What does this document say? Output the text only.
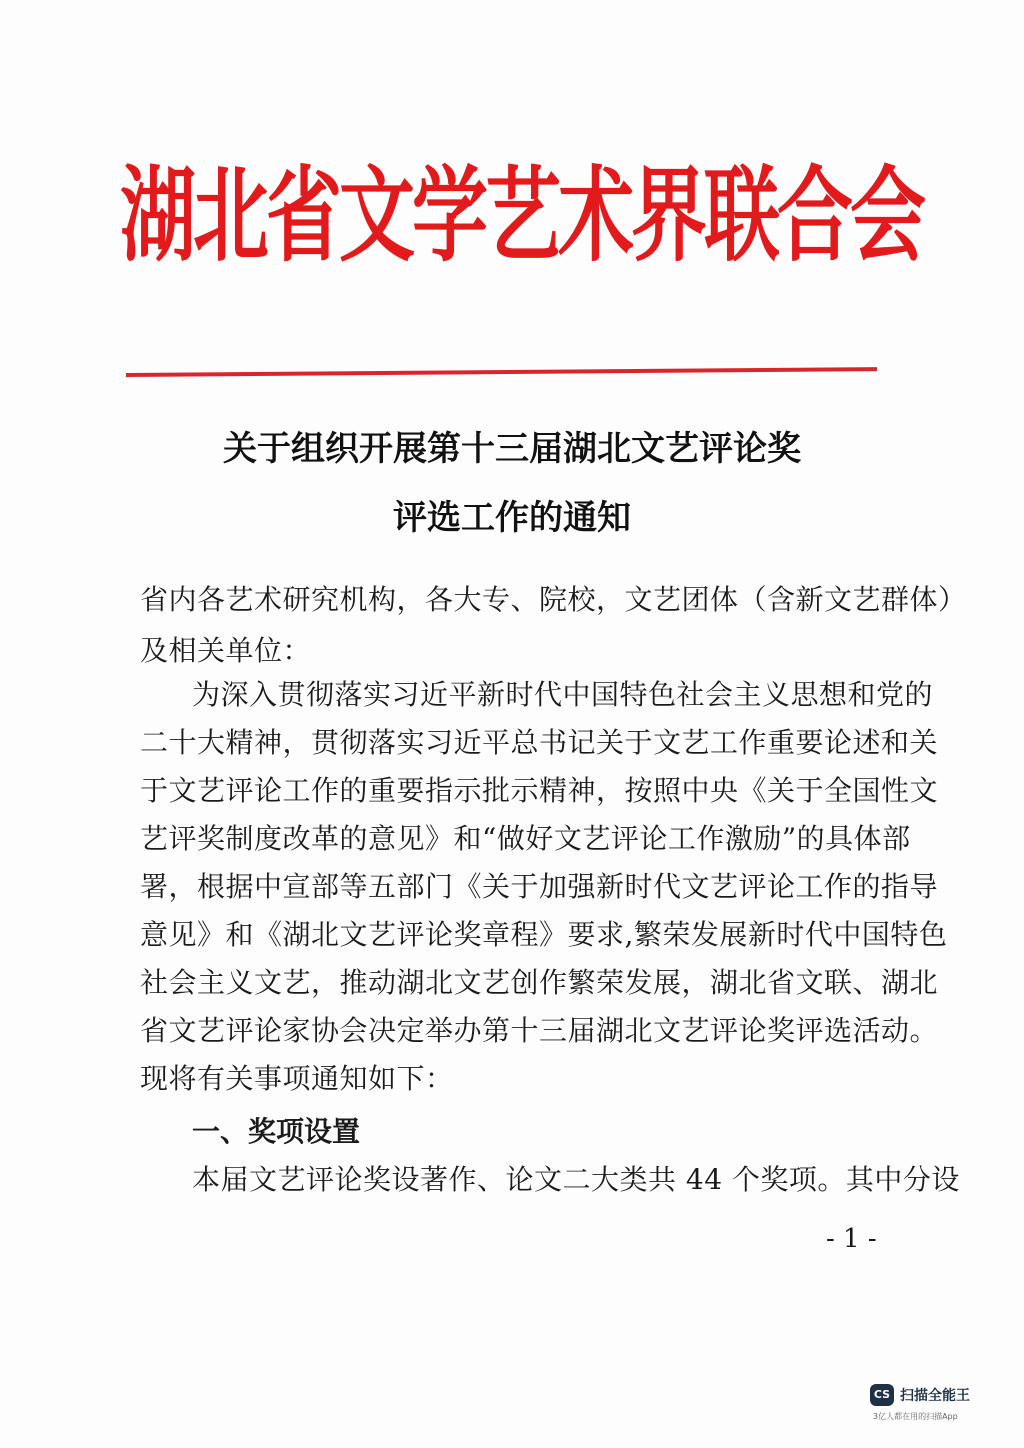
湖北省文学艺术界联合会
关于组织开展第十三届湖北文艺评论奖
评选工作的通知
省内各艺术研究机构，各大专、院校，文艺团体（含新文艺群体）
及相关单位：
为深入贯彻落实习近平新时代中国特色社会主义思想和党的
二十大精神，贯彻落实习近平总书记关于文艺工作重要论述和关
于文艺评论工作的重要指示批示精神，按照中央《关于全国性文
艺评奖制度改革的意见》和“做好文艺评论工作激励”的具体部
署，根据中宣部等五部门《关于加强新时代文艺评论工作的指导
意见》和《湖北文艺评论奖章程》要求,繁荣发展新时代中国特色
社会主义文艺，推动湖北文艺创作繁荣发展，湖北省文联、湖北
省文艺评论家协会决定举办第十三届湖北文艺评论奖评选活动。
现将有关事项通知如下：
一、奖项设置
本届文艺评论奖设著作、论文二大类共 44 个奖项。其中分设
- 1 -
CS 扫描全能王
3亿人都在用的扫描App
